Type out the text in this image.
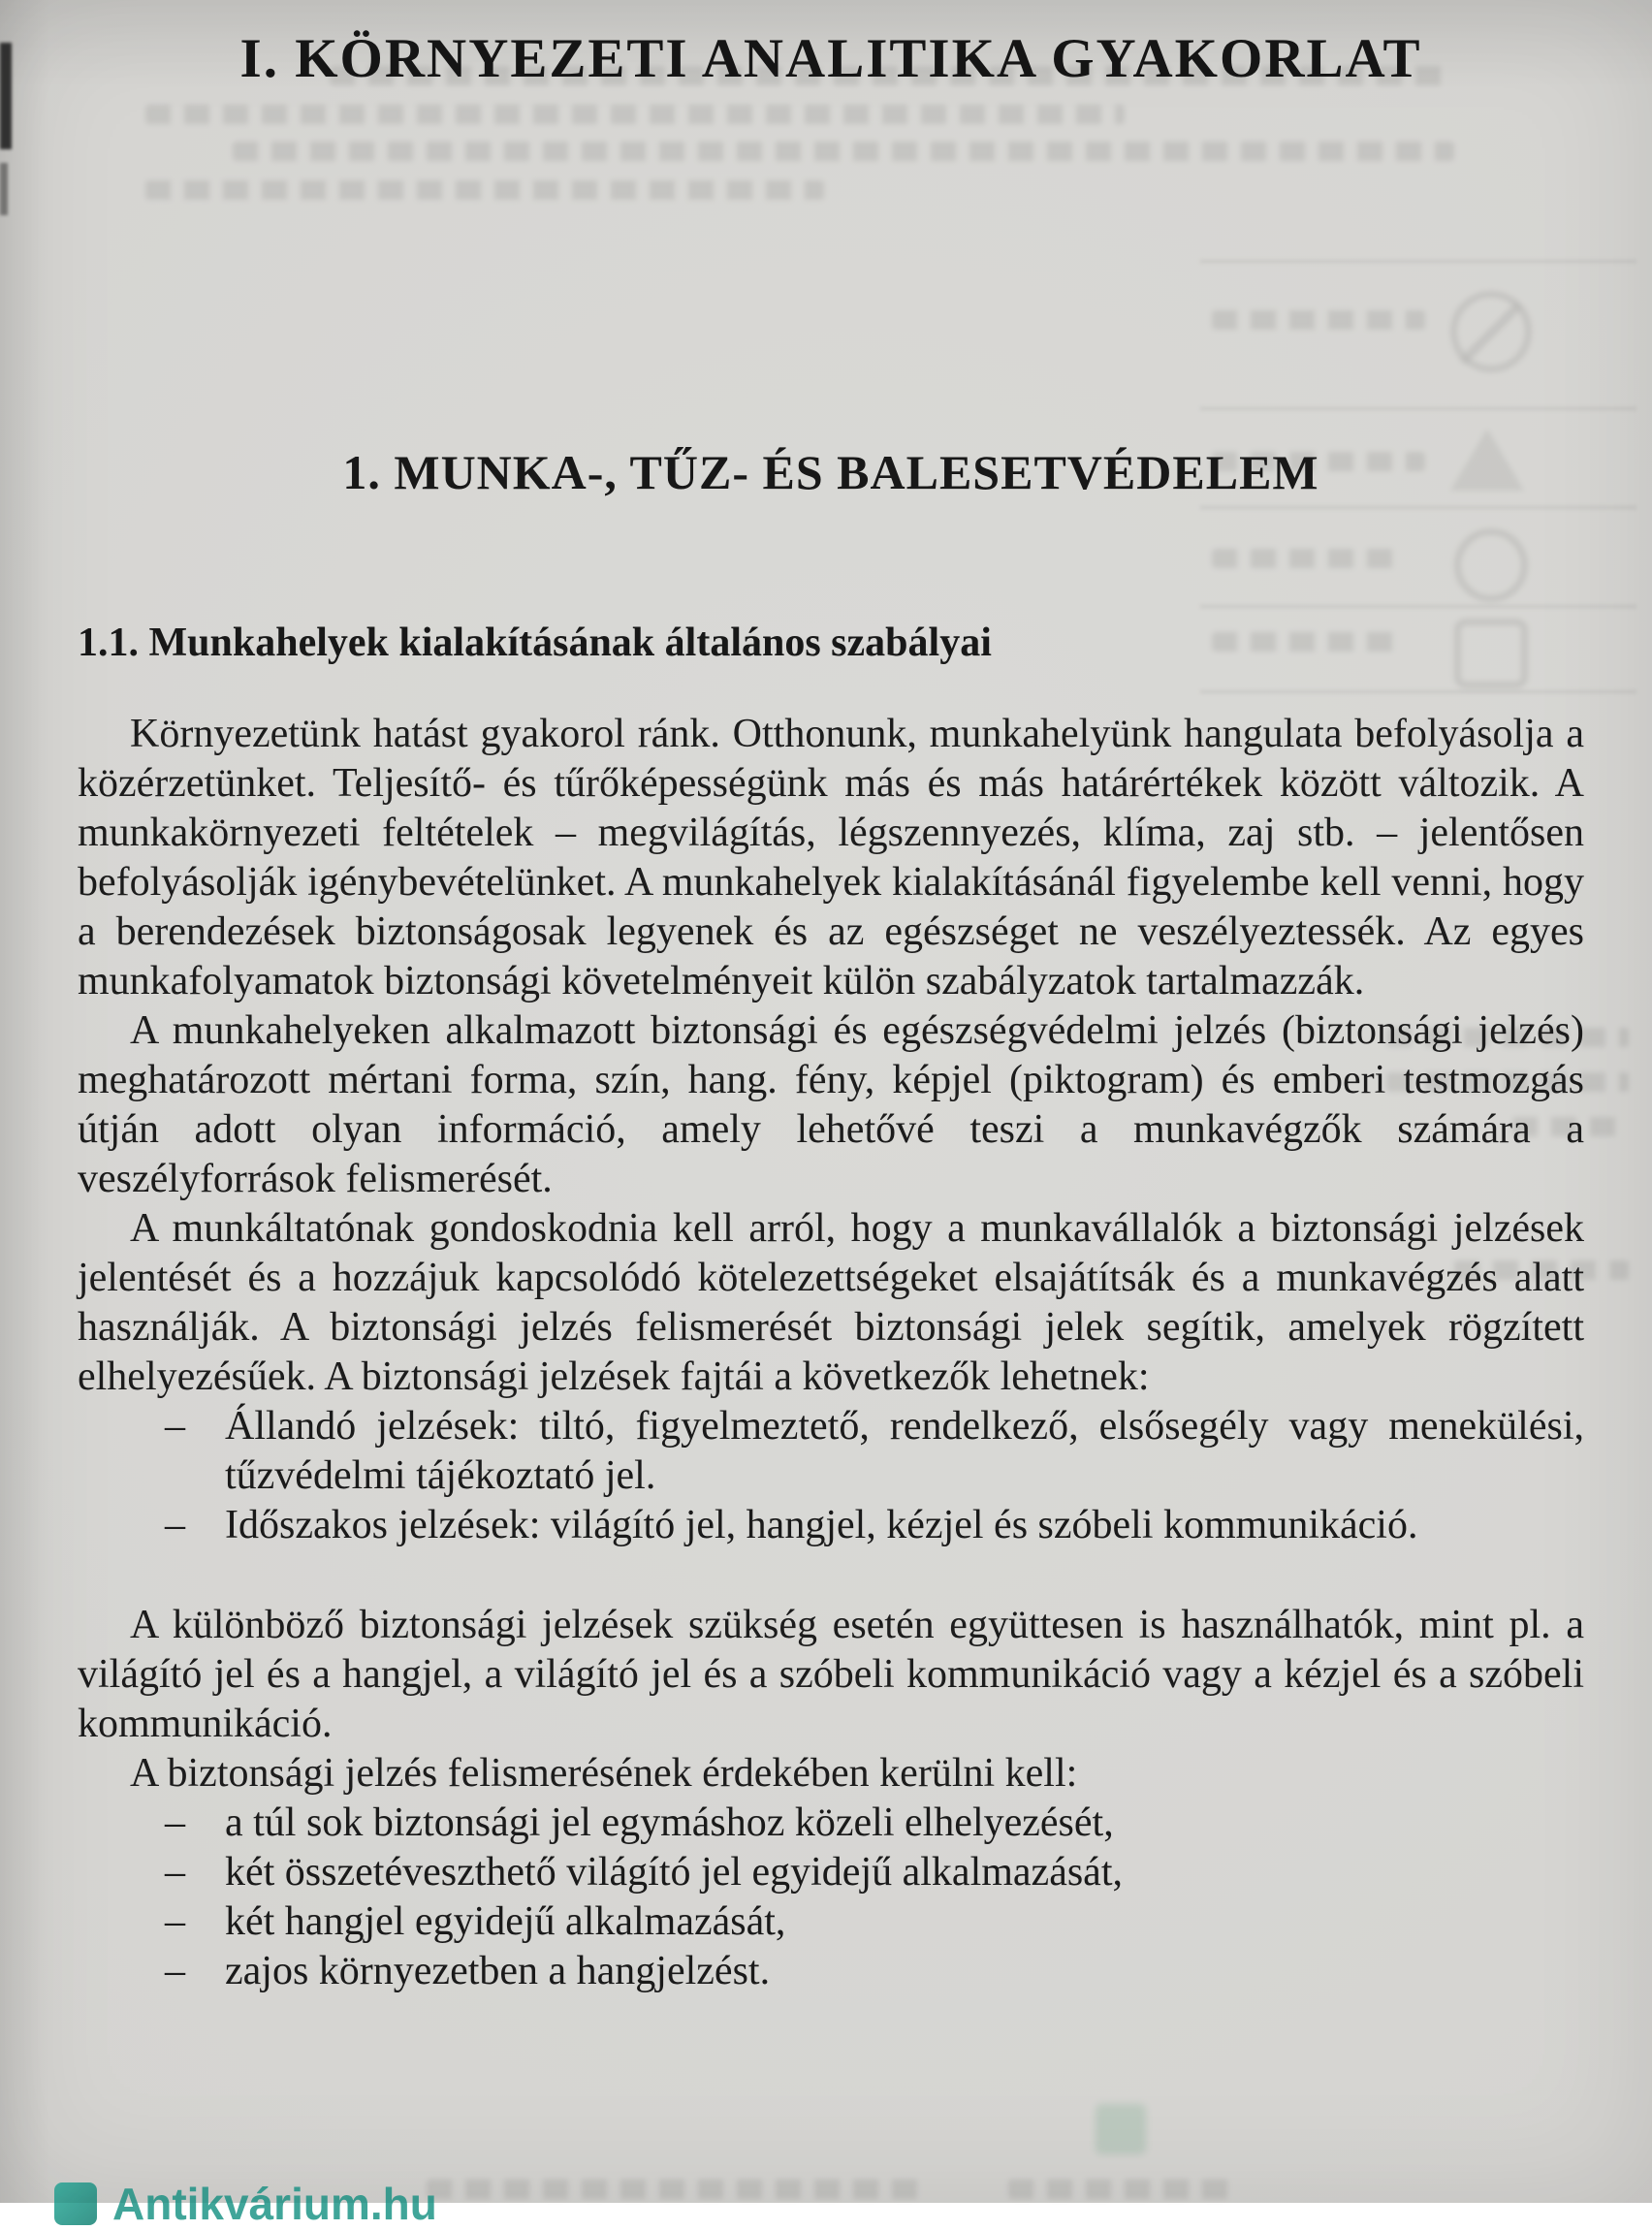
I. KÖRNYEZETI ANALITIKA GYAKORLAT
1. MUNKA-, TŰZ- ÉS BALESETVÉDELEM
1.1. Munkahelyek kialakításának általános szabályai

Környezetünk hatást gyakorol ránk. Otthonunk, munkahelyünk hangulata befolyásolja a közérzetünket. Teljesítő- és tűrőképességünk más és más határértékek között változik. A munkakörnyezeti feltételek – megvilágítás, légszennyezés, klíma, zaj stb. – jelentősen befolyásolják igénybevételünket. A munkahelyek kialakításánál figyelembe kell venni, hogy a berendezések biztonságosak legyenek és az egészséget ne veszélyeztessék. Az egyes munkafolyamatok biztonsági követelményeit külön szabályzatok tartalmazzák.

A munkahelyeken alkalmazott biztonsági és egészségvédelmi jelzés (biztonsági jelzés) meghatározott mértani forma, szín, hang. fény, képjel (piktogram) és emberi testmozgás útján adott olyan információ, amely lehetővé teszi a munkavégzők számára a veszélyforrások felismerését.

A munkáltatónak gondoskodnia kell arról, hogy a munkavállalók a biztonsági jelzések jelentését és a hozzájuk kapcsolódó kötelezettségeket elsajátítsák és a munkavégzés alatt használják. A biztonsági jelzés felismerését biztonsági jelek segítik, amelyek rögzített elhelyezésűek. A biztonsági jelzések fajtái a következők lehetnek:

– Állandó jelzések: tiltó, figyelmeztető, rendelkező, elsősegély vagy menekülési, tűzvédelmi tájékoztató jel.
– Időszakos jelzések: világító jel, hangjel, kézjel és szóbeli kommunikáció.

A különböző biztonsági jelzések szükség esetén együttesen is használhatók, mint pl. a világító jel és a hangjel, a világító jel és a szóbeli kommunikáció vagy a kézjel és a szóbeli kommunikáció.

A biztonsági jelzés felismerésének érdekében kerülni kell:

– a túl sok biztonsági jel egymáshoz közeli elhelyezését,
– két összetéveszthető világító jel egyidejű alkalmazását,
– két hangjel egyidejű alkalmazását,
– zajos környezetben a hangjelzést.
Antikvárium.hu
